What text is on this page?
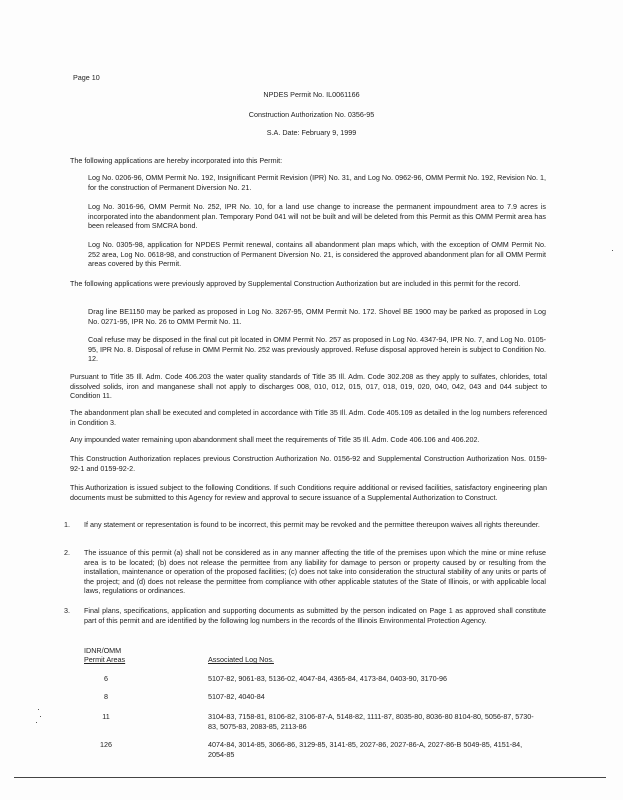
Page 10
NPDES Permit No. IL0061166
Construction Authorization No. 0356-95
S.A. Date: February 9, 1999
The following applications are hereby incorporated into this Permit:
Log No. 0206-96, OMM Permit No. 192, Insignificant Permit Revision (IPR) No. 31, and Log No. 0962-96, OMM Permit No. 192, Revision No. 1, for the construction of Permanent Diversion No. 21.
Log No. 3016-96, OMM Permit No. 252, IPR No. 10, for a land use change to increase the permanent impoundment area to 7.9 acres is incorporated into the abandonment plan. Temporary Pond 041 will not be built and will be deleted from this Permit as this OMM Permit area has been released from SMCRA bond.
Log No. 0305-98, application for NPDES Permit renewal, contains all abandonment plan maps which, with the exception of OMM Permit No. 252 area, Log No. 0618-98, and construction of Permanent Diversion No. 21, is considered the approved abandonment plan for all OMM Permit areas covered by this Permit.
The following applications were previously approved by Supplemental Construction Authorization but are included in this permit for the record.
Drag line BE1150 may be parked as proposed in Log No. 3267-95, OMM Permit No. 172. Shovel BE 1900 may be parked as proposed in Log No. 0271-95, IPR No. 26 to OMM Permit No. 11.
Coal refuse may be disposed in the final cut pit located in OMM Permit No. 257 as proposed in Log No. 4347-94, IPR No. 7, and Log No. 0105-95, IPR No. 8. Disposal of refuse in OMM Permit No. 252 was previously approved. Refuse disposal approved herein is subject to Condition No. 12.
Pursuant to Title 35 Ill. Adm. Code 406.203 the water quality standards of Title 35 Ill. Adm. Code 302.208 as they apply to sulfates, chlorides, total dissolved solids, iron and manganese shall not apply to discharges 008, 010, 012, 015, 017, 018, 019, 020, 040, 042, 043 and 044 subject to Condition 11.
The abandonment plan shall be executed and completed in accordance with Title 35 Ill. Adm. Code 405.109 as detailed in the log numbers referenced in Condition 3.
Any impounded water remaining upon abandonment shall meet the requirements of Title 35 Ill. Adm. Code 406.106 and 406.202.
This Construction Authorization replaces previous Construction Authorization No. 0156-92 and Supplemental Construction Authorization Nos. 0159-92-1 and 0159-92-2.
This Authorization is issued subject to the following Conditions. If such Conditions require additional or revised facilities, satisfactory engineering plan documents must be submitted to this Agency for review and approval to secure issuance of a Supplemental Authorization to Construct.
1. If any statement or representation is found to be incorrect, this permit may be revoked and the permittee thereupon waives all rights thereunder.
2. The issuance of this permit (a) shall not be considered as in any manner affecting the title of the premises upon which the mine or mine refuse area is to be located; (b) does not release the permittee from any liability for damage to person or property caused by or resulting from the installation, maintenance or operation of the proposed facilities; (c) does not take into consideration the structural stability of any units or parts of the project; and (d) does not release the permittee from compliance with other applicable statutes of the State of Illinois, or with applicable local laws, regulations or ordinances.
3. Final plans, specifications, application and supporting documents as submitted by the person indicated on Page 1 as approved shall constitute part of this permit and are identified by the following log numbers in the records of the Illinois Environmental Protection Agency.
IDNR/OMM
Permit Areas	Associated Log Nos.
6	5107-82, 9061-83, 5136-02, 4047-84, 4365-84, 4173-84, 0403-90, 3170-96
8	5107-82, 4040-84
11	3104-83, 7158-81, 8106-82, 3106-87-A, 5148-82, 1111-87, 8035-80, 8036-80 8104-80, 5056-87, 5730-83, 5075-83, 2083-85, 2113-86
126	4074-84, 3014-85, 3066-86, 3129-85, 3141-85, 2027-86, 2027-86-A, 2027-86-B 5049-85, 4151-84, 2054-85
